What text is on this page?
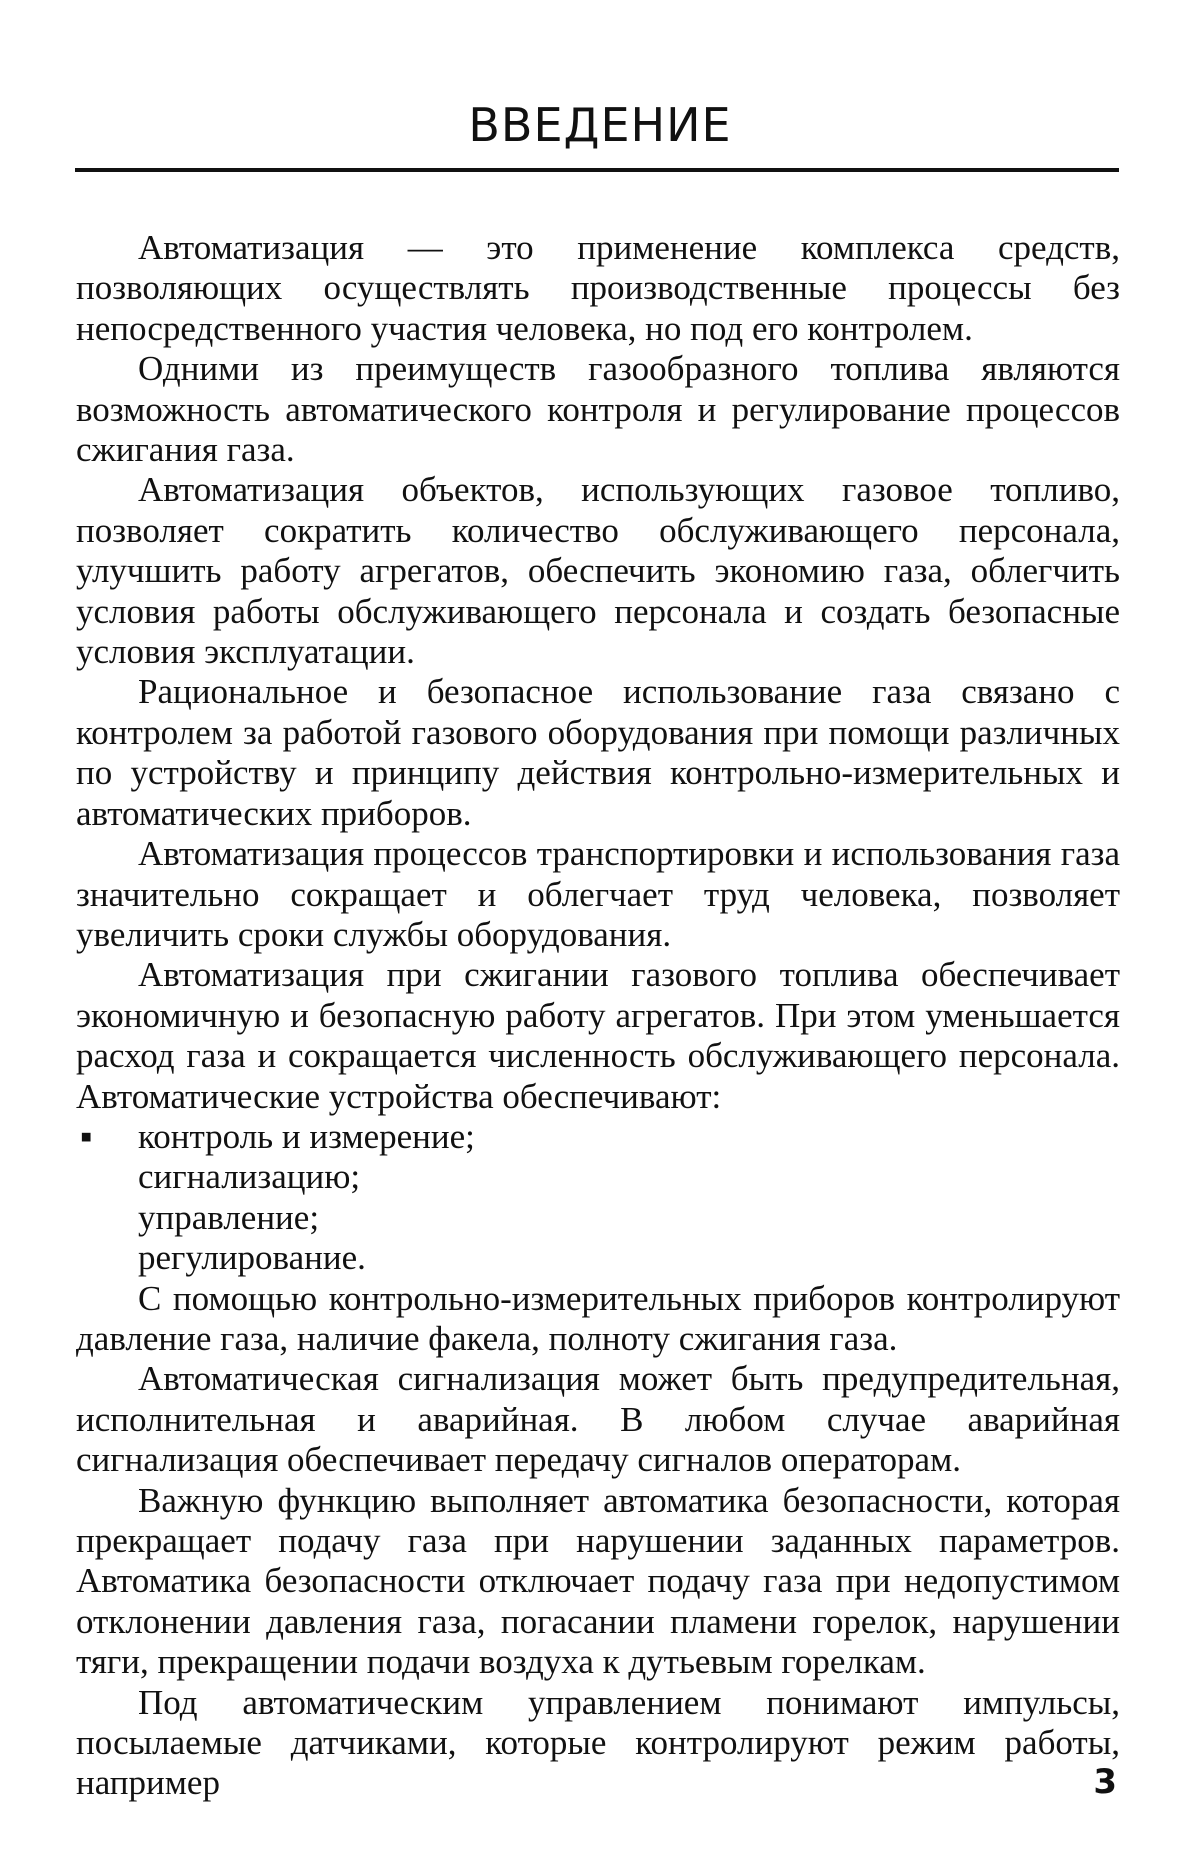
ВВЕДЕНИЕ

Автоматизация — это применение комплекса средств, позволяющих осуществлять производственные процессы без непосредственного участия человека, но под его контролем.

Одними из преимуществ газообразного топлива являются возможность автоматического контроля и регулирование процессов сжигания газа.

Автоматизация объектов, использующих газовое топливо, позволяет сократить количество обслуживающего персонала, улучшить работу агрегатов, обеспечить экономию газа, облегчить условия работы обслуживающего персонала и создать безопасные условия эксплуатации.

Рациональное и безопасное использование газа связано с контролем за работой газового оборудования при помощи различных по устройству и принципу действия контрольно-измерительных и автоматических приборов.

Автоматизация процессов транспортировки и использования газа значительно сокращает и облегчает труд человека, позволяет увеличить сроки службы оборудования.

Автоматизация при сжигании газового топлива обеспечивает экономичную и безопасную работу агрегатов. При этом уменьшается расход газа и сокращается численность обслуживающего персонала. Автоматические устройства обеспечивают:

▪ контроль и измерение;
сигнализацию;
управление;
регулирование.

С помощью контрольно-измерительных приборов контролируют давление газа, наличие факела, полноту сжигания газа.

Автоматическая сигнализация может быть предупредительная, исполнительная и аварийная. В любом случае аварийная сигнализация обеспечивает передачу сигналов операторам.

Важную функцию выполняет автоматика безопасности, которая прекращает подачу газа при нарушении заданных параметров. Автоматика безопасности отключает подачу газа при недопустимом отклонении давления газа, погасании пламени горелок, нарушении тяги, прекращении подачи воздуха к дутьевым горелкам.

Под автоматическим управлением понимают импульсы, посылаемые датчиками, которые контролируют режим работы, например	3
